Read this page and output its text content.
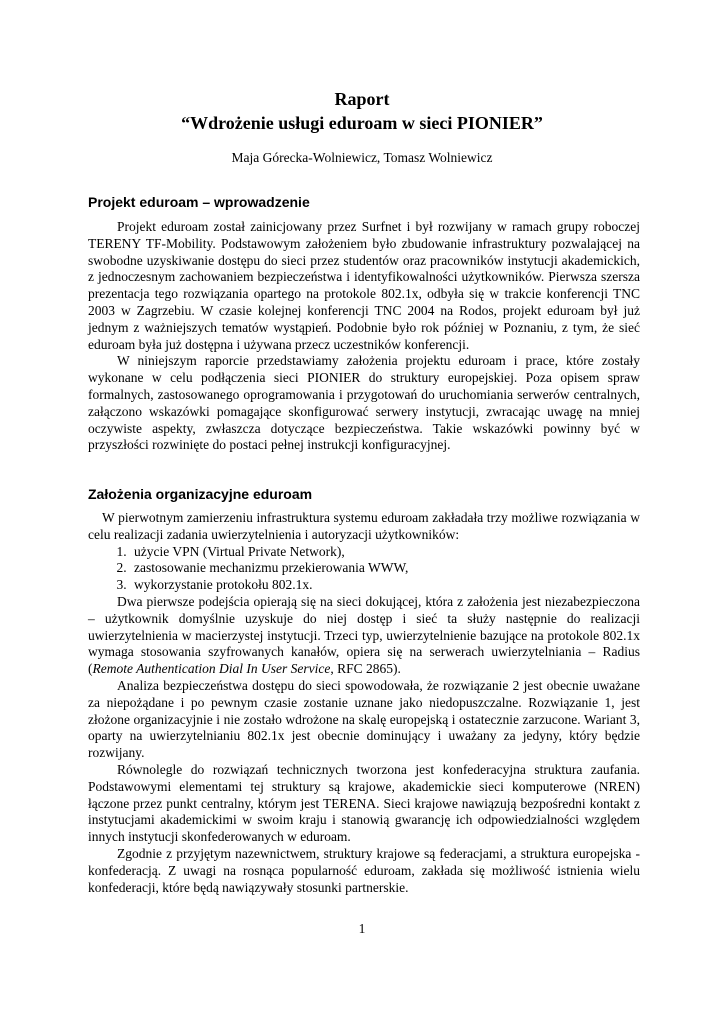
Raport
“Wdrożenie usługi eduroam w sieci PIONIER”
Maja Górecka-Wolniewicz, Tomasz Wolniewicz
Projekt eduroam – wprowadzenie

Projekt eduroam został zainicjowany przez Surfnet i był rozwijany w ramach grupy roboczej TERENY TF-Mobility. Podstawowym założeniem było zbudowanie infrastruktury pozwalającej na swobodne uzyskiwanie dostępu do sieci przez studentów oraz pracowników instytucji akademickich, z jednoczesnym zachowaniem bezpieczeństwa i identyfikowalności użytkowników. Pierwsza szersza prezentacja tego rozwiązania opartego na protokole 802.1x, odbyła się w trakcie konferencji TNC 2003 w Zagrzebiu. W czasie kolejnej konferencji TNC 2004 na Rodos, projekt eduroam był już jednym z ważniejszych tematów wystąpień. Podobnie było rok później w Poznaniu, z tym, że sieć eduroam była już dostępna i używana przecz uczestników konferencji.

W niniejszym raporcie przedstawiamy założenia projektu eduroam i prace, które zostały wykonane w celu podłączenia sieci PIONIER do struktury europejskiej. Poza opisem spraw formalnych, zastosowanego oprogramowania i przygotowań do uruchomiania serwerów centralnych, załączono wskazówki pomagające skonfigurować serwery instytucji, zwracając uwagę na mniej oczywiste aspekty, zwłaszcza dotyczące bezpieczeństwa. Takie wskazówki powinny być w przyszłości rozwinięte do postaci pełnej instrukcji konfiguracyjnej.

Założenia organizacyjne eduroam

W pierwotnym zamierzeniu infrastruktura systemu eduroam zakładała trzy możliwe rozwiązania w celu realizacji zadania uwierzytelnienia i autoryzacji użytkowników:

1. użycie VPN (Virtual Private Network),
2. zastosowanie mechanizmu przekierowania WWW,
3. wykorzystanie protokołu 802.1x.

Dwa pierwsze podejścia opierają się na sieci dokującej, która z założenia jest niezabezpieczona – użytkownik domyślnie uzyskuje do niej dostęp i sieć ta służy następnie do realizacji uwierzytelnienia w macierzystej instytucji. Trzeci typ, uwierzytelnienie bazujące na protokole 802.1x wymaga stosowania szyfrowanych kanałów, opiera się na serwerach uwierzytelniania – Radius (Remote Authentication Dial In User Service, RFC 2865).

Analiza bezpieczeństwa dostępu do sieci spowodowała, że rozwiązanie 2 jest obecnie uważane za niepożądane i po pewnym czasie zostanie uznane jako niedopuszczalne. Rozwiązanie 1, jest złożone organizacyjnie i nie zostało wdrożone na skalę europejską i ostatecznie zarzucone. Wariant 3, oparty na uwierzytelnianiu 802.1x jest obecnie dominujący i uważany za jedyny, który będzie rozwijany.

Równolegle do rozwiązań technicznych tworzona jest konfederacyjna struktura zaufania. Podstawowymi elementami tej struktury są krajowe, akademickie sieci komputerowe (NREN) łączone przez punkt centralny, którym jest TERENA. Sieci krajowe nawiązują bezpośredni kontakt z instytucjami akademickimi w swoim kraju i stanowią gwarancję ich odpowiedzialności względem innych instytucji skonfederowanych w eduroam.

Zgodnie z przyjętym nazewnictwem, struktury krajowe są federacjami, a struktura europejska - konfederacją. Z uwagi na rosnąca popularność eduroam, zakłada się możliwość istnienia wielu konfederacji, które będą nawiązywały stosunki partnerskie.

1
